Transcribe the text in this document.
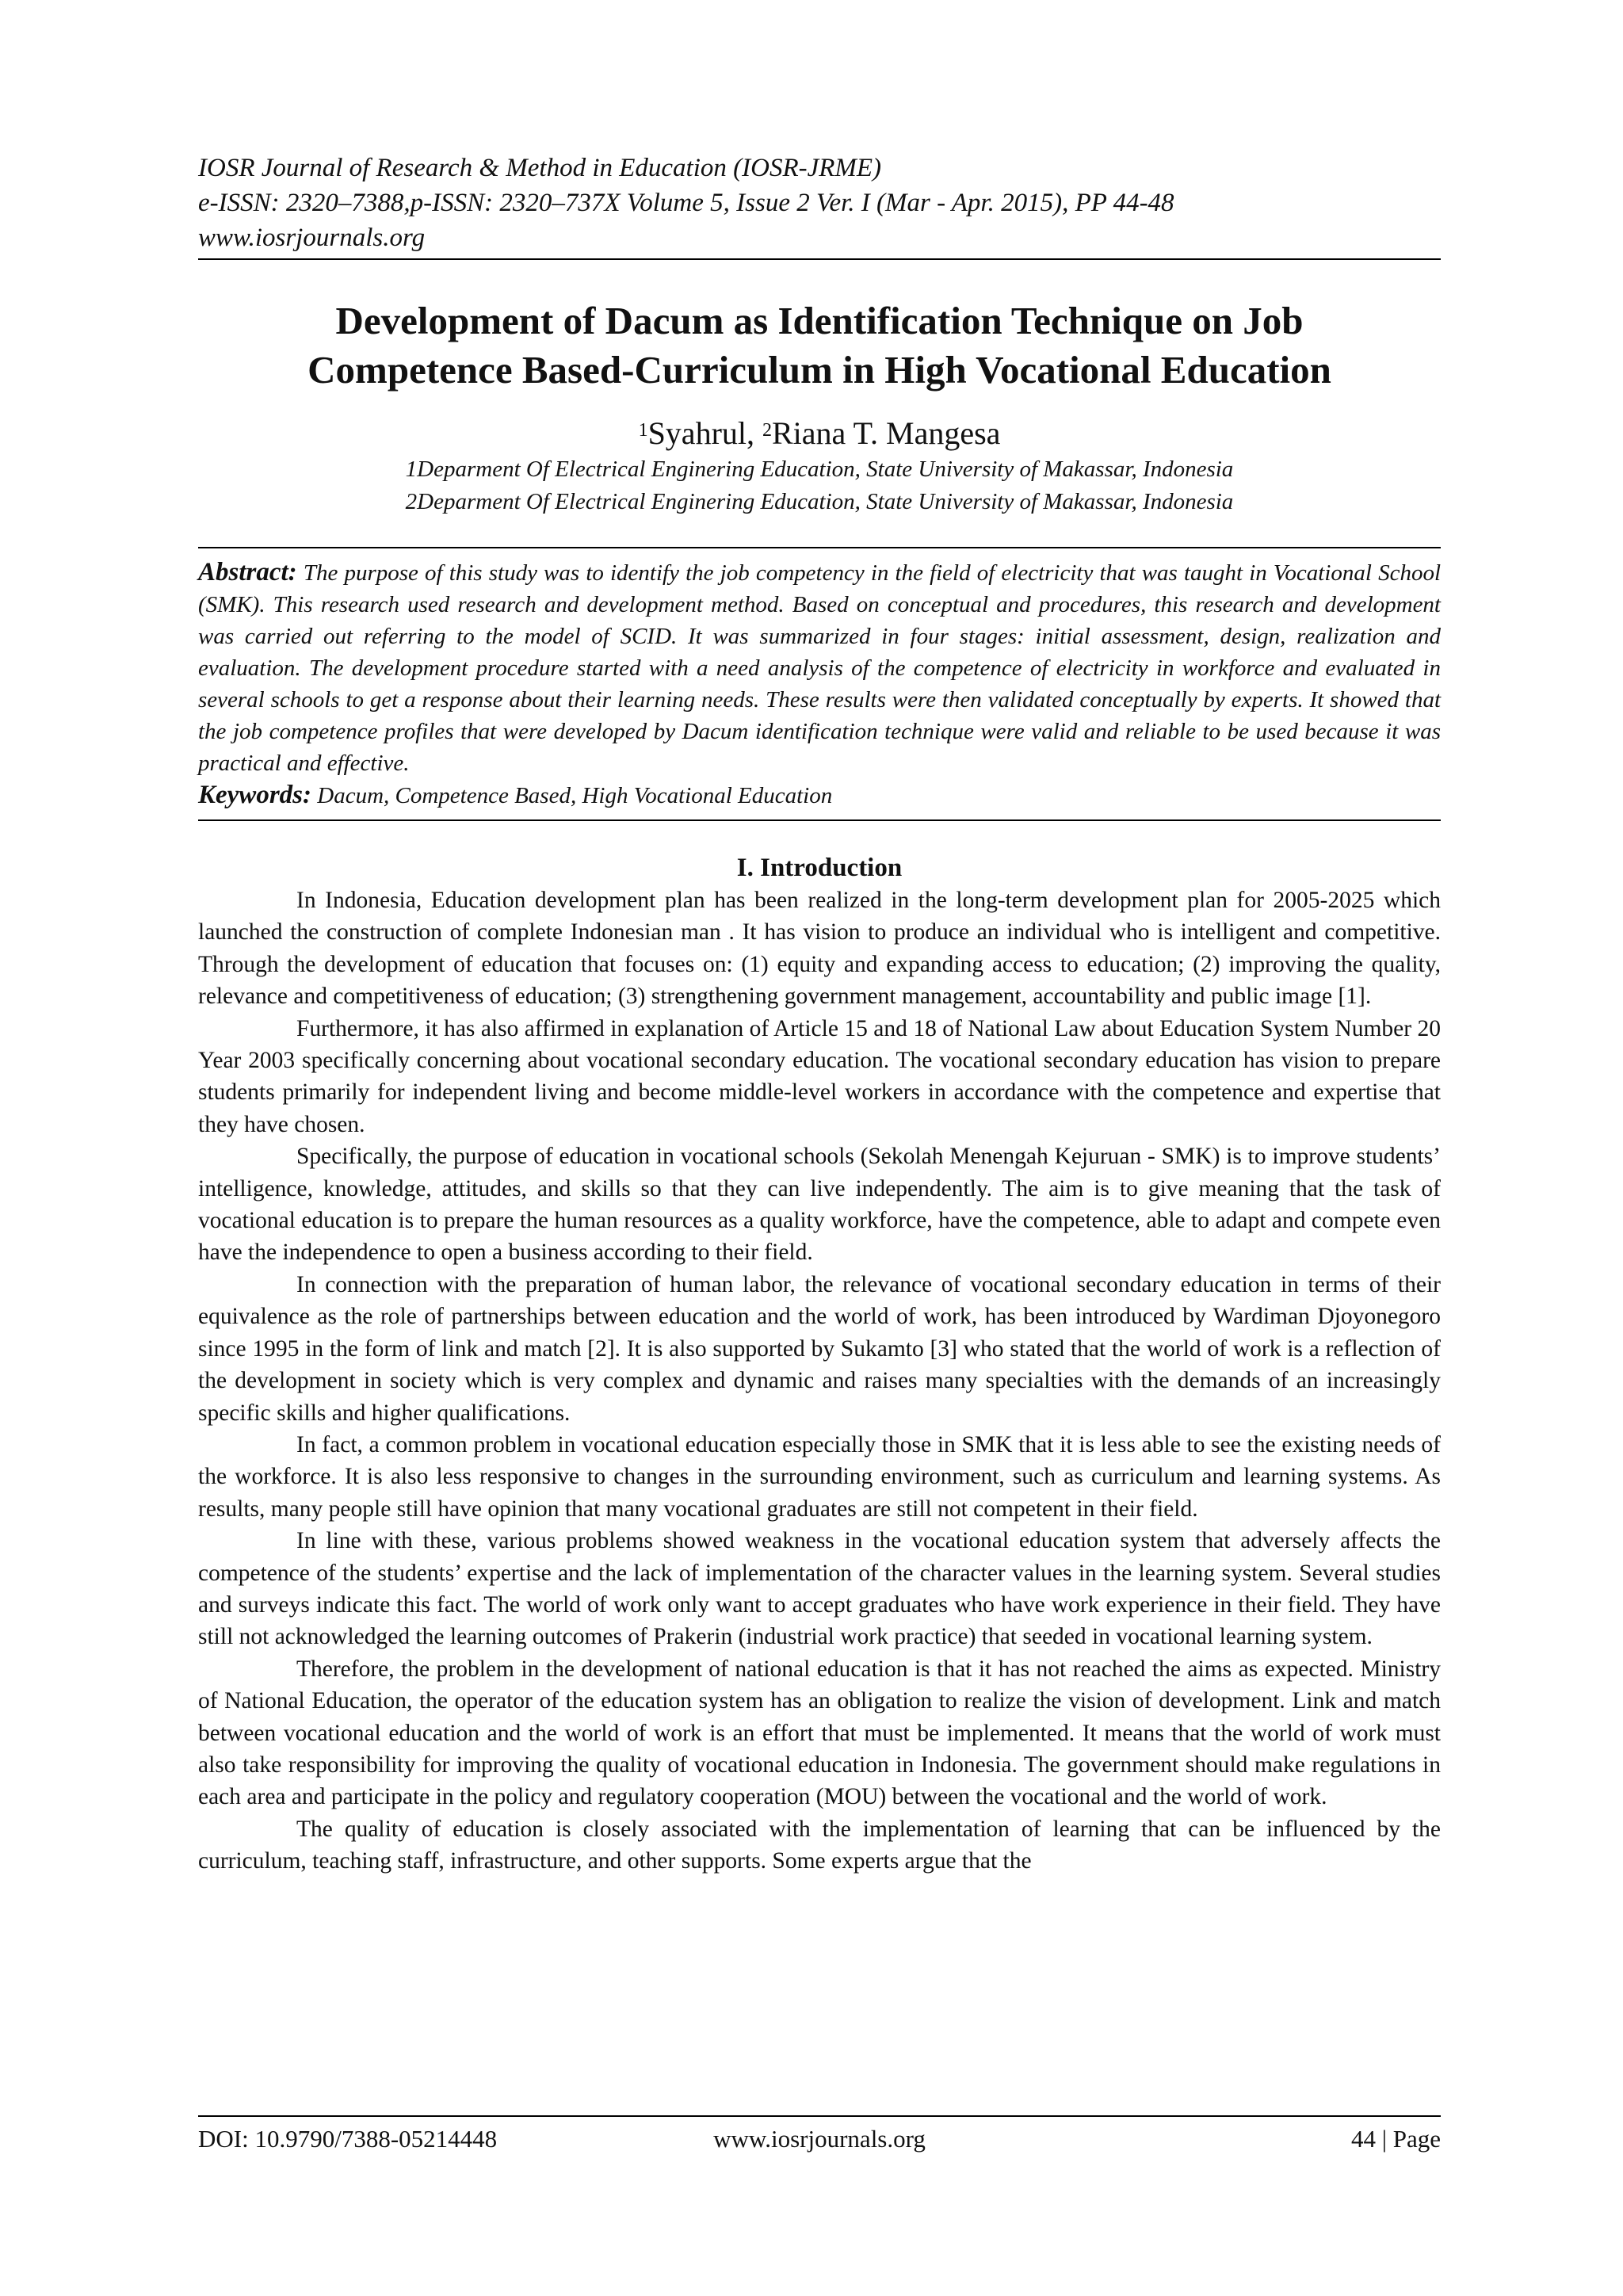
IOSR Journal of Research & Method in Education (IOSR-JRME)
e-ISSN: 2320–7388,p-ISSN: 2320–737X Volume 5, Issue 2 Ver. I (Mar - Apr. 2015), PP 44-48
www.iosrjournals.org
Development of Dacum as Identification Technique on Job
Competence Based-Curriculum in High Vocational Education
$^1$Syahrul, $^2$Riana T. Mangesa
1Deparment Of Electrical Enginering Education, State University of Makassar, Indonesia
2Deparment Of Electrical Enginering Education, State University of Makassar, Indonesia
Abstract: The purpose of this study was to identify the job competency in the field of electricity that was taught in Vocational School (SMK). This research used research and development method. Based on conceptual and procedures, this research and development was carried out referring to the model of SCID. It was summarized in four stages: initial assessment, design, realization and evaluation. The development procedure started with a need analysis of the competence of electricity in workforce and evaluated in several schools to get a response about their learning needs. These results were then validated conceptually by experts. It showed that the job competence profiles that were developed by Dacum identification technique were valid and reliable to be used because it was practical and effective.
Keywords: Dacum, Competence Based, High Vocational Education
I. Introduction

In Indonesia, Education development plan has been realized in the long-term development plan for 2005-2025 which launched the construction of complete Indonesian man . It has vision to produce an individual who is intelligent and competitive. Through the development of education that focuses on: (1) equity and expanding access to education; (2) improving the quality, relevance and competitiveness of education; (3) strengthening government management, accountability and public image [1].

Furthermore, it has also affirmed in explanation of Article 15 and 18 of National Law about Education System Number 20 Year 2003 specifically concerning about vocational secondary education. The vocational secondary education has vision to prepare students primarily for independent living and become middle-level workers in accordance with the competence and expertise that they have chosen.

Specifically, the purpose of education in vocational schools (Sekolah Menengah Kejuruan - SMK) is to improve students’ intelligence, knowledge, attitudes, and skills so that they can live independently. The aim is to give meaning that the task of vocational education is to prepare the human resources as a quality workforce, have the competence, able to adapt and compete even have the independence to open a business according to their field.

In connection with the preparation of human labor, the relevance of vocational secondary education in terms of their equivalence as the role of partnerships between education and the world of work, has been introduced by Wardiman Djoyonegoro since 1995 in the form of link and match [2]. It is also supported by Sukamto [3] who stated that the world of work is a reflection of the development in society which is very complex and dynamic and raises many specialties with the demands of an increasingly specific skills and higher qualifications.

In fact, a common problem in vocational education especially those in SMK that it is less able to see the existing needs of the workforce. It is also less responsive to changes in the surrounding environment, such as curriculum and learning systems. As results, many people still have opinion that many vocational graduates are still not competent in their field.

In line with these, various problems showed weakness in the vocational education system that adversely affects the competence of the students’ expertise and the lack of implementation of the character values in the learning system. Several studies and surveys indicate this fact. The world of work only want to accept graduates who have work experience in their field. They have still not acknowledged the learning outcomes of Prakerin (industrial work practice) that seeded in vocational learning system.

Therefore, the problem in the development of national education is that it has not reached the aims as expected. Ministry of National Education, the operator of the education system has an obligation to realize the vision of development. Link and match between vocational education and the world of work is an effort that must be implemented. It means that the world of work must also take responsibility for improving the quality of vocational education in Indonesia. The government should make regulations in each area and participate in the policy and regulatory cooperation (MOU) between the vocational and the world of work.

The quality of education is closely associated with the implementation of learning that can be influenced by the curriculum, teaching staff, infrastructure, and other supports. Some experts argue that the

DOI: 10.9790/7388-05214448	www.iosrjournals.org	44 | Page
